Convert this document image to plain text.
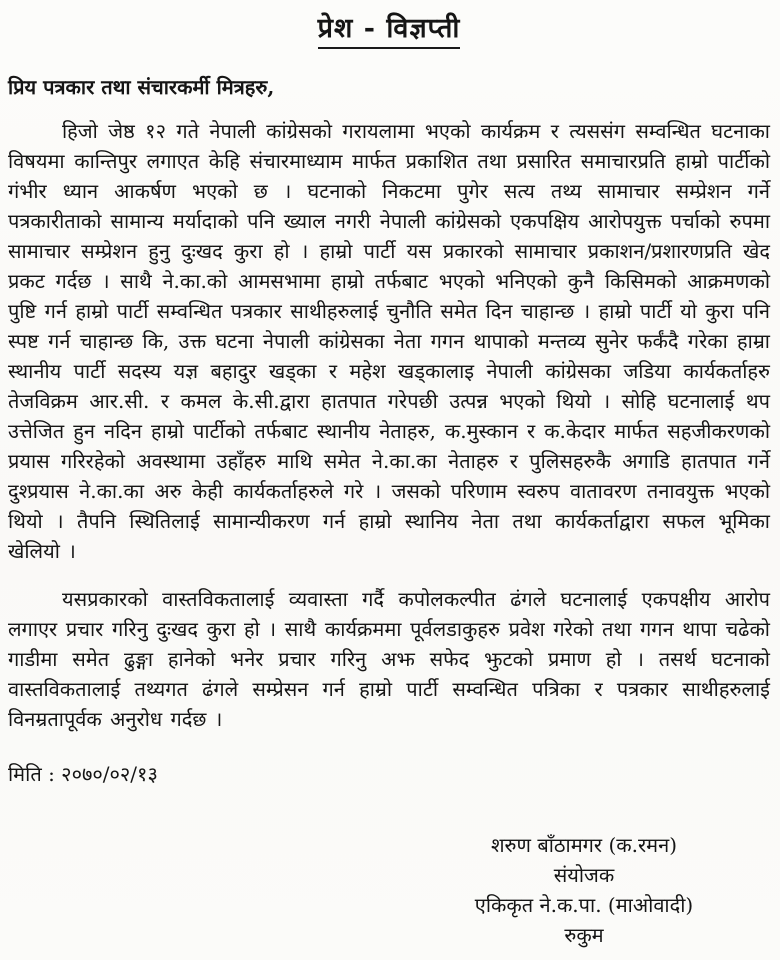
प्रेश - विज्ञप्ती
प्रिय पत्रकार तथा संचारकर्मी मित्रहरु,

हिजो जेष्ठ १२ गते नेपाली कांग्रेसको गरायलामा भएको कार्यक्रम र त्यससंग सम्वन्धित घटनाका विषयमा कान्तिपुर लगाएत केहि संचारमाध्याम मार्फत प्रकाशित तथा प्रसारित समाचारप्रति हाम्रो पार्टीको गंभीर ध्यान आकर्षण भएको छ । घटनाको निकटमा पुगेर सत्य तथ्य सामाचार सम्प्रेशन गर्ने पत्रकारीताको सामान्य मर्यादाको पनि ख्याल नगरी नेपाली कांग्रेसको एकपक्षिय आरोपयुक्त पर्चाको रुपमा सामाचार सम्प्रेशन हुनु दुःखद कुरा हो । हाम्रो पार्टी यस प्रकारको सामाचार प्रकाशन/प्रशारणप्रति खेद प्रकट गर्दछ । साथै ने.का.को आमसभामा हाम्रो तर्फबाट भएको भनिएको कुनै किसिमको आक्रमणको पुष्टि गर्न हाम्रो पार्टी सम्वन्धित पत्रकार साथीहरुलाई चुनौति समेत दिन चाहान्छ । हाम्रो पार्टी यो कुरा पनि स्पष्ट गर्न चाहान्छ कि, उक्त घटना नेपाली कांग्रेसका नेता गगन थापाको मन्तव्य सुनेर फर्कंदै गरेका हाम्रा स्थानीय पार्टी सदस्य यज्ञ बहादुर खड्का र महेश खड्कालाइ नेपाली कांग्रेसका जडिया कार्यकर्ताहरु तेजविक्रम आर.सी. र कमल के.सी.द्वारा हातपात गरेपछी उत्पन्न भएको थियो । सोहि घटनालाई थप उत्तेजित हुन नदिन हाम्रो पार्टीको तर्फबाट स्थानीय नेताहरु, क.मुस्कान र क.केदार मार्फत सहजीकरणको प्रयास गरिरहेको अवस्थामा उहाँहरु माथि समेत ने.का.का नेताहरु र पुलिसहरुकै अगाडि हातपात गर्ने दुश्प्रयास ने.का.का अरु केही कार्यकर्ताहरुले गरे । जसको परिणाम स्वरुप वातावरण तनावयुक्त भएको थियो । तैपनि स्थितिलाई सामान्यीकरण गर्न हाम्रो स्थानिय नेता तथा कार्यकर्ताद्वारा सफल भूमिका खेलियो ।

यसप्रकारको वास्तविकतालाई व्यवास्ता गर्दै कपोलकल्पीत ढंगले घटनालाई एकपक्षीय आरोप लगाएर प्रचार गरिनु दुःखद कुरा हो । साथै कार्यक्रममा पूर्वलडाकुहरु प्रवेश गरेको तथा गगन थापा चढेको गाडीमा समेत ढुङ्गा हानेको भनेर प्रचार गरिनु अझ सफेद झुटको प्रमाण हो । तसर्थ घटनाको वास्तविकतालाई तथ्यगत ढंगले सम्प्रेसन गर्न हाम्रो पार्टी सम्वन्धित पत्रिका र पत्रकार साथीहरुलाई विनम्रतापूर्वक अनुरोध गर्दछ ।

मिति : २०७०/०२/१३
शरुण बाँठामगर (क.रमन)
संयोजक
एकिकृत ने.क.पा. (माओवादी)
रुकुम
